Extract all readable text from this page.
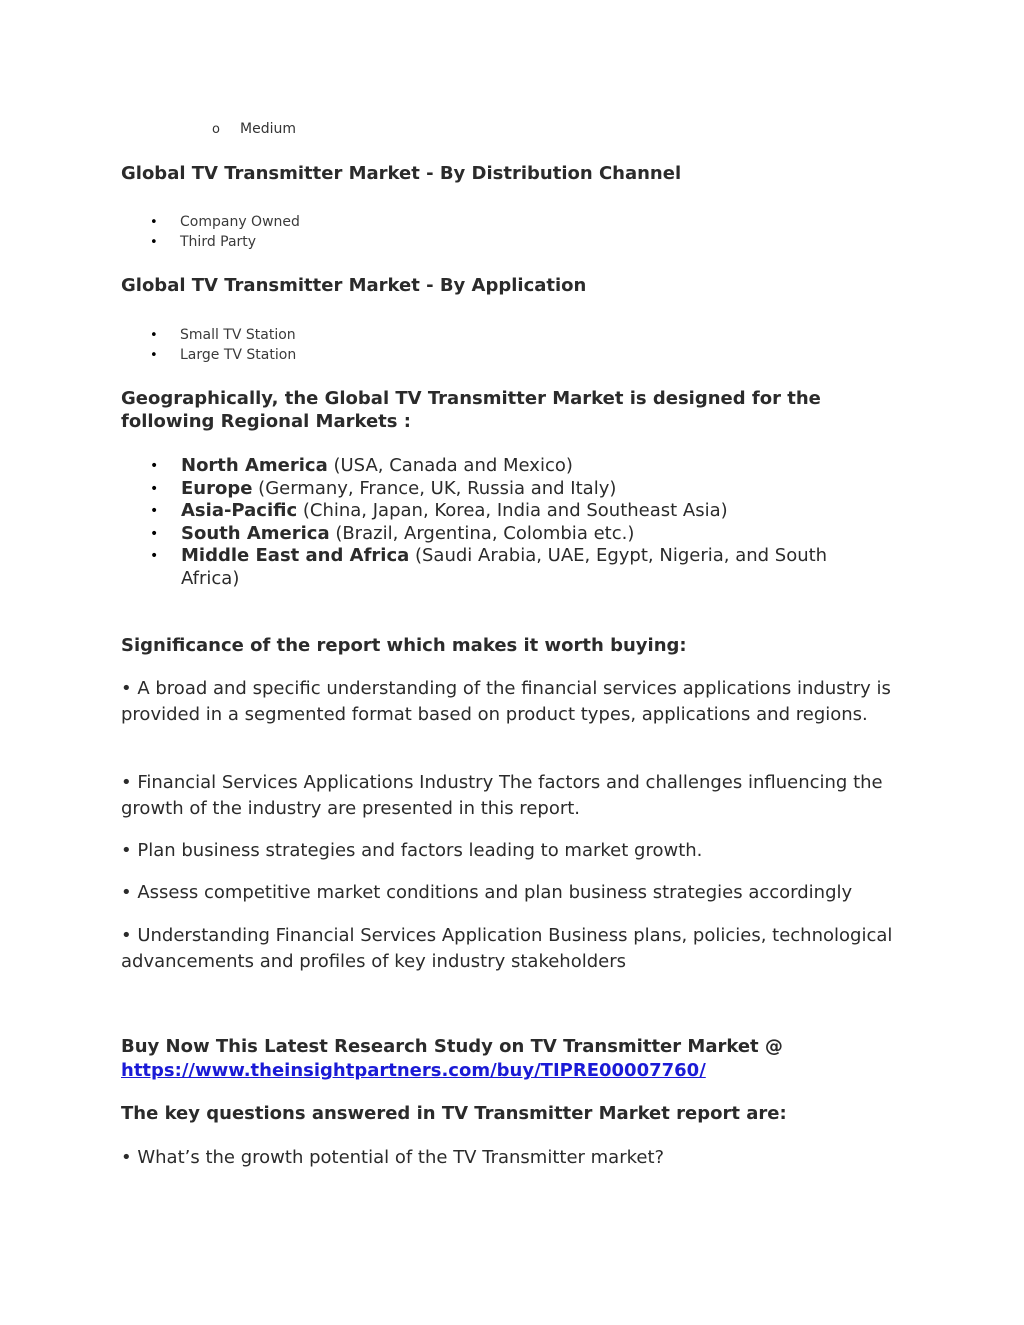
o Medium
Global TV Transmitter Market - By Distribution Channel
• Company Owned
• Third Party
Global TV Transmitter Market - By Application
• Small TV Station
• Large TV Station
Geographically, the Global TV Transmitter Market is designed for the following Regional Markets :
• North America (USA, Canada and Mexico)
• Europe (Germany, France, UK, Russia and Italy)
• Asia-Pacific (China, Japan, Korea, India and Southeast Asia)
• South America (Brazil, Argentina, Colombia etc.)
• Middle East and Africa (Saudi Arabia, UAE, Egypt, Nigeria, and South Africa)
Significance of the report which makes it worth buying:
• A broad and specific understanding of the financial services applications industry is provided in a segmented format based on product types, applications and regions.
• Financial Services Applications Industry The factors and challenges influencing the growth of the industry are presented in this report.
• Plan business strategies and factors leading to market growth.
• Assess competitive market conditions and plan business strategies accordingly
• Understanding Financial Services Application Business plans, policies, technological advancements and profiles of key industry stakeholders
Buy Now This Latest Research Study on TV Transmitter Market @
https://www.theinsightpartners.com/buy/TIPRE00007760/
The key questions answered in TV Transmitter Market report are:
• What’s the growth potential of the TV Transmitter market?
